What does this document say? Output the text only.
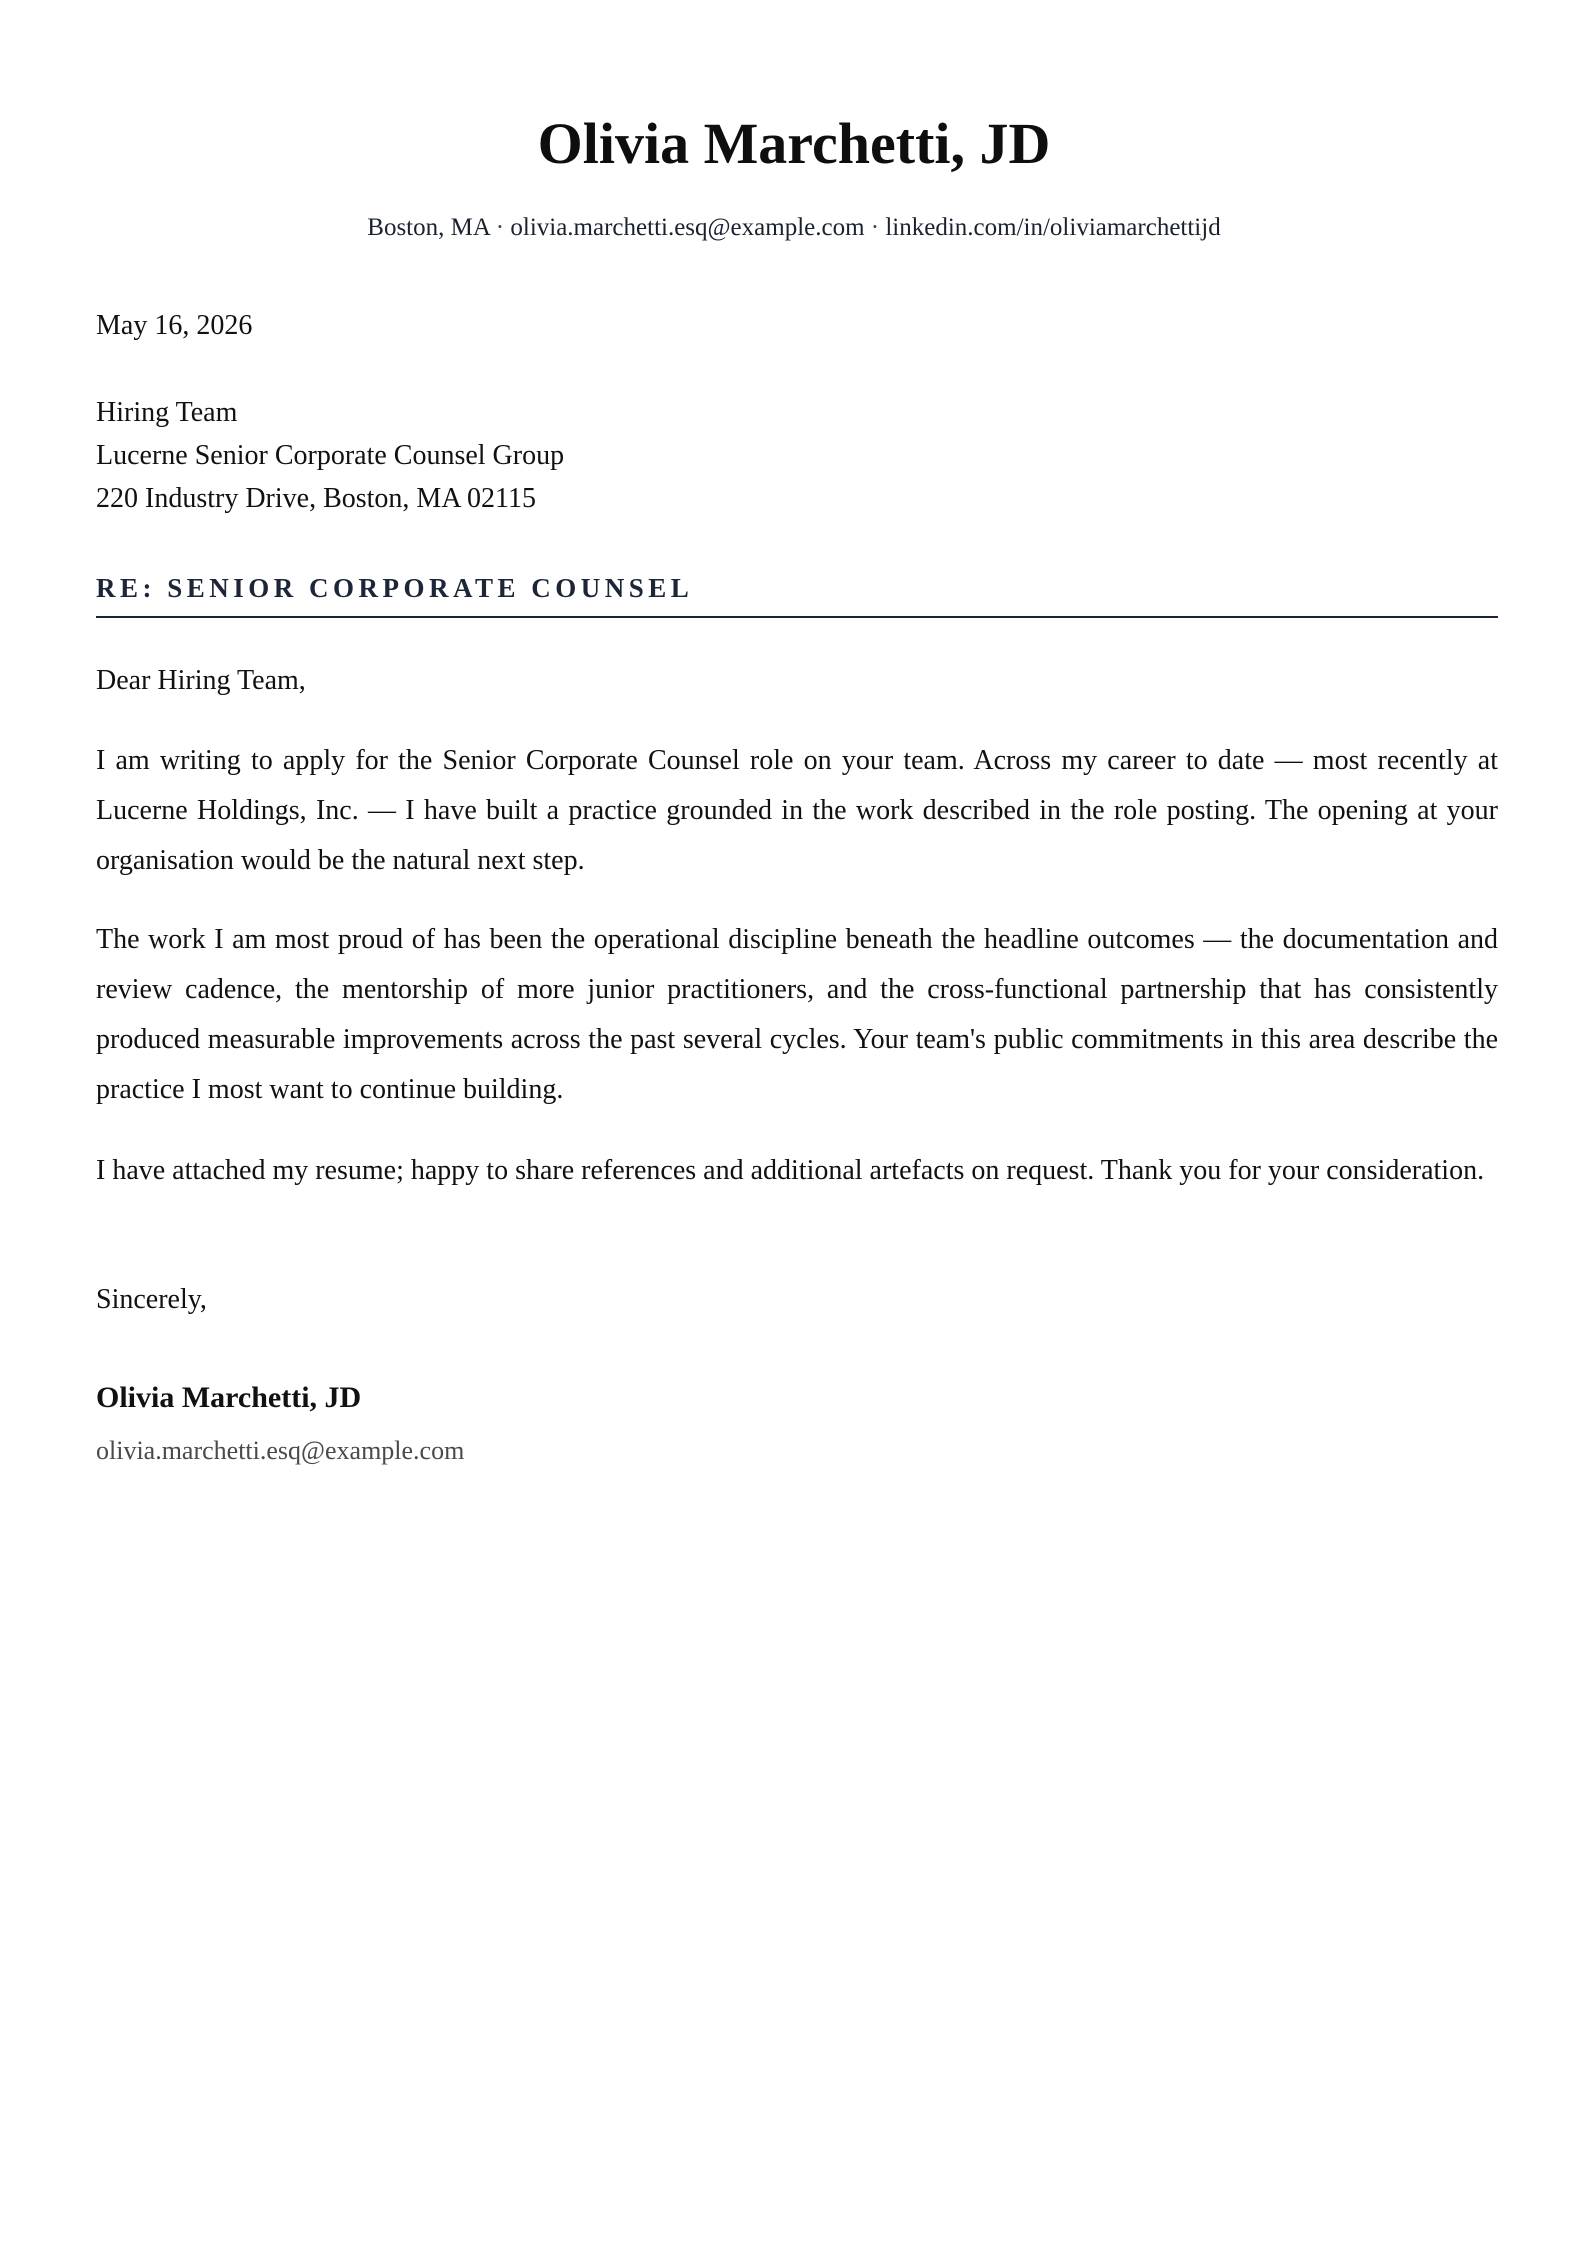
Olivia Marchetti, JD
Boston, MA · olivia.marchetti.esq@example.com · linkedin.com/in/oliviamarchettijd
May 16, 2026
Hiring Team
Lucerne Senior Corporate Counsel Group
220 Industry Drive, Boston, MA 02115
RE: SENIOR CORPORATE COUNSEL
Dear Hiring Team,
I am writing to apply for the Senior Corporate Counsel role on your team. Across my career to date — most recently at Lucerne Holdings, Inc. — I have built a practice grounded in the work described in the role posting. The opening at your organisation would be the natural next step.
The work I am most proud of has been the operational discipline beneath the headline outcomes — the documentation and review cadence, the mentorship of more junior practitioners, and the cross-functional partnership that has consistently produced measurable improvements across the past several cycles. Your team's public commitments in this area describe the practice I most want to continue building.
I have attached my resume; happy to share references and additional artefacts on request. Thank you for your consideration.
Sincerely,
Olivia Marchetti, JD
olivia.marchetti.esq@example.com
